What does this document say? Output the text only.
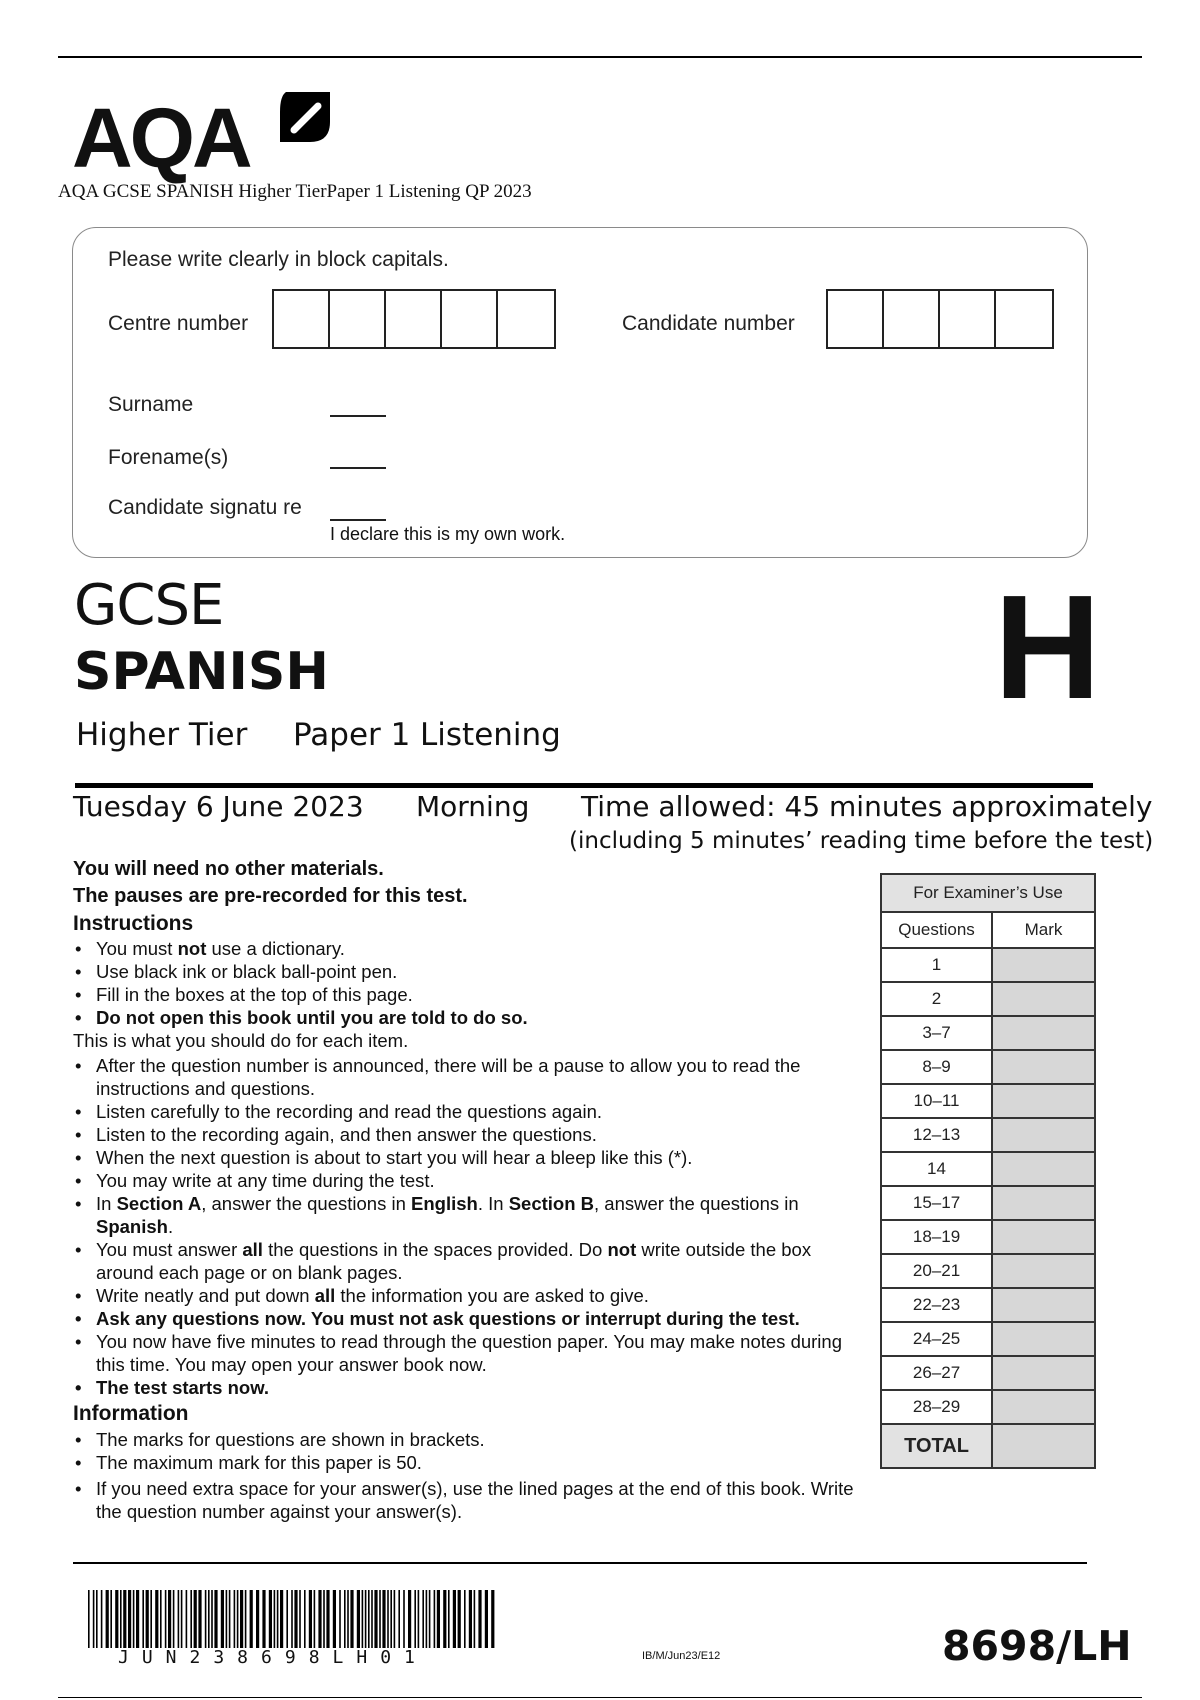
AQA
AQA GCSE SPANISH Higher TierPaper 1 Listening QP 2023
Please write clearly in block capitals.
Centre number	Candidate number
Surname
Forename(s)
Candidate signatu re
I declare this is my own work.
GCSE
SPANISH	H
Higher Tier Paper 1 Listening
Tuesday 6 June 2023 Morning Time allowed: 45 minutes approximately
(including 5 minutes’ reading time before the test)
You will need no other materials.
The pauses are pre-recorded for this test.
Instructions
• You must not use a dictionary.
• Use black ink or black ball-point pen.
• Fill in the boxes at the top of this page.
• Do not open this book until you are told to do so.
This is what you should do for each item.
• After the question number is announced, there will be a pause to allow you to read the instructions and questions.
• Listen carefully to the recording and read the questions again.
• Listen to the recording again, and then answer the questions.
• When the next question is about to start you will hear a bleep like this (*).
• You may write at any time during the test.
• In Section A, answer the questions in English. In Section B, answer the questions in Spanish.
• You must answer all the questions in the spaces provided. Do not write outside the box around each page or on blank pages.
• Write neatly and put down all the information you are asked to give.
• Ask any questions now. You must not ask questions or interrupt during the test.
• You now have five minutes to read through the question paper. You may make notes during this time. You may open your answer book now.
• The test starts now.
Information
• The marks for questions are shown in brackets.
• The maximum mark for this paper is 50.
• If you need extra space for your answer(s), use the lined pages at the end of this book. Write the question number against your answer(s).
For Examiner’s Use	
Questions	Mark
1	
2	
3–7	
8–9	
10–11	
12–13	
14	
15–17	
18–19	
20–21	
22–23	
24–25	
26–27	
28–29	
TOTAL	
JUN238698LH01	IB/M/Jun23/E12	8698/LH
